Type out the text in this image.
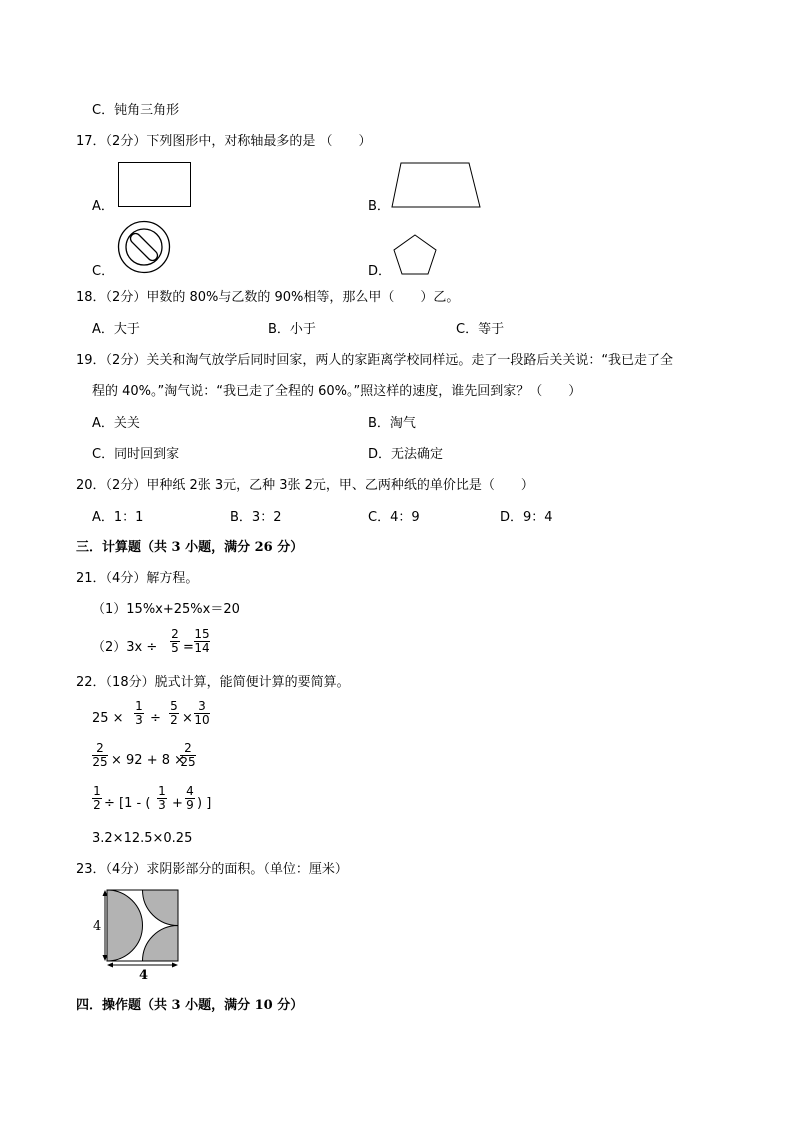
C．钝角三角形
17．（2分）下列图形中，对称轴最多的是 （　　）
A．	B．
C．	D．
18．（2分）甲数的 80%与乙数的 90%相等，那么甲（　　）乙。
A．大于	B．小于	C．等于
19．（2分）关关和淘气放学后同时回家，两人的家距离学校同样远。走了一段路后关关说：“我已走了全
程的 40%。”淘气说：“我已走了全程的 60%。”照这样的速度，谁先回到家？（　　）
A．关关	B．淘气
C．同时回到家	D．无法确定
20．（2分）甲种纸 2张 3元，乙种 3张 2元，甲、乙两种纸的单价比是（　　）
A．1：1	B．3：2	C．4：9	D．9：4
三．计算题（共 3 小题，满分 26 分）
21．（4分）解方程。
（1）15%x+25%x＝20
（2）3x ÷
2
5 =
15
14
22．（18分）脱式计算，能简便计算的要简算。
25 ×
1
3 ÷
5
2 ×
3
10
2
25 × 92 + 8 ×
2
25
1
2 ÷ [1 - (
1
3 +
4
9 ) ]
3.2×12.5×0.25
23．（4分）求阴影部分的面积。（单位：厘米）
4
4
四．操作题（共 3 小题，满分 10 分）
